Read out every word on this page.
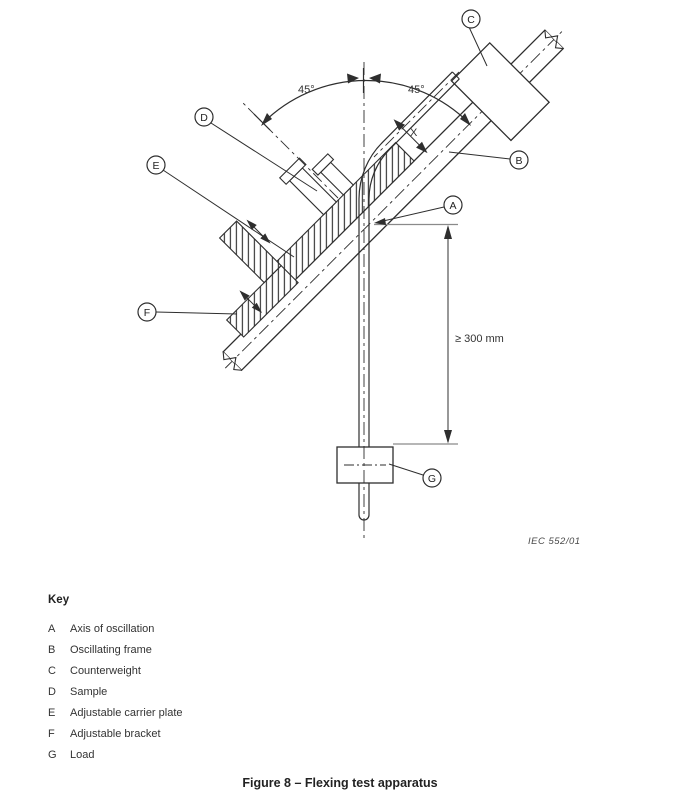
A
B
C
D
E
F
G
45°	45°
X
≥ 300 mm
IEC 552/01

Key

A Axis of oscillation
B Oscillating frame
C Counterweight
D Sample
E Adjustable carrier plate
F Adjustable bracket
G Load
Figure 8 – Flexing test apparatus
